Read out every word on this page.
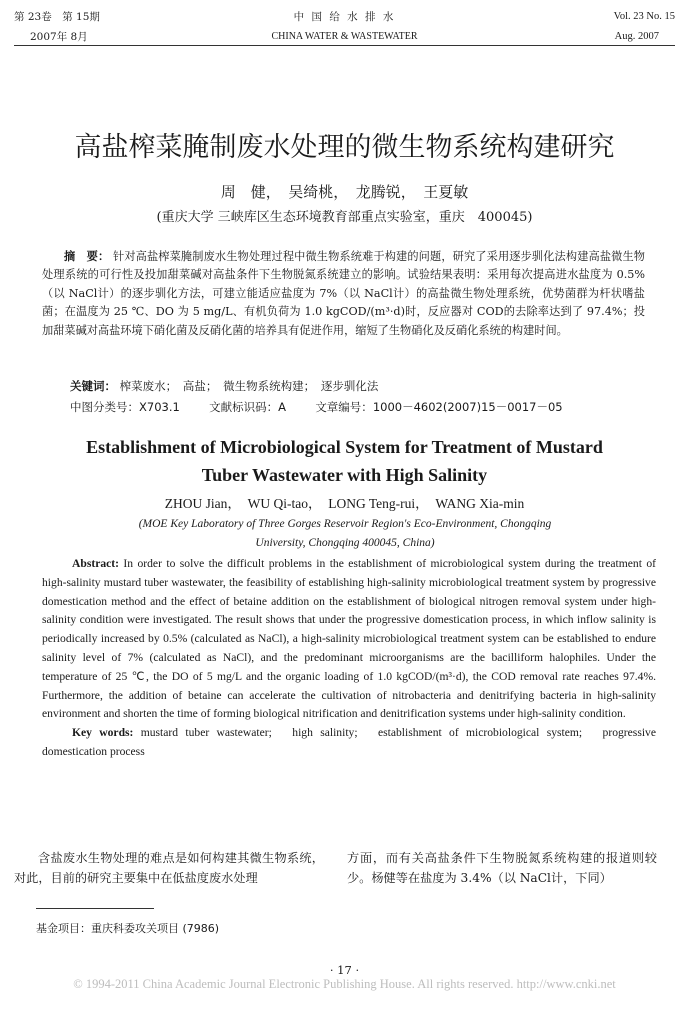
第 23卷　第 15期
2007年 8月
中 国 给 水 排 水
CHINA WATER & WASTEWATER
Vol. 23 No. 15
Aug. 2007
高盐榨菜腌制废水处理的微生物系统构建研究
周　健，　吴绮桃，　龙腾锐，　王夏敏
(重庆大学 三峡库区生态环境教育部重点实验室，重庆　400045)
摘　要： 针对高盐榨菜腌制废水生物处理过程中微生物系统难于构建的问题，研究了采用逐步驯化法构建高盐微生物处理系统的可行性及投加甜菜碱对高盐条件下生物脱氮系统建立的影响。试验结果表明：采用每次提高进水盐度为 0.5%（以 NaCl计）的逐步驯化方法，可建立能适应盐度为 7%（以 NaCl计）的高盐微生物处理系统，优势菌群为杆状嗜盐菌；在温度为 25 ℃、DO 为 5 mg/L、有机负荷为 1.0 kgCOD/(m³·d)时，反应器对 COD的去除率达到了 97.4%；投加甜菜碱对高盐环境下硝化菌及反硝化菌的培养具有促进作用，缩短了生物硝化及反硝化系统的构建时间。
关键词： 榨菜废水；　高盐；　微生物系统构建；　逐步驯化法
中图分类号：X703.1	文献标识码：A	文章编号：1000－4602(2007)15－0017－05
Establishment of Microbiological System for Treatment of Mustard
Tuber Wastewater with High Salinity
ZHOU Jian，　WU Qi-tao，　LONG Teng-rui，　WANG Xia-min
(MOE Key Laboratory of Three Gorges Reservoir Region's Eco-Environment, Chongqing
University, Chongqing 400045, China)
Abstract: In order to solve the difficult problems in the establishment of microbiological system during the treatment of high-salinity mustard tuber wastewater, the feasibility of establishing high-salinity microbiological treatment system by progressive domestication method and the effect of betaine addition on the establishment of biological nitrogen removal system under high-salinity condition were investigated. The result shows that under the progressive domestication process, in which inflow salinity is periodically increased by 0.5% (calculated as NaCl), a high-salinity microbiological treatment system can be established to endure salinity level of 7% (calculated as NaCl), and the predominant microorganisms are the bacilliform halophiles. Under the temperature of 25 ℃, the DO of 5 mg/L and the organic loading of 1.0 kgCOD/(m³·d), the COD removal rate reaches 97.4%. Furthermore, the addition of betaine can accelerate the cultivation of nitrobacteria and denitrifying bacteria in high-salinity environment and shorten the time of forming biological nitrification and denitrification systems under high-salinity condition.
Key words: mustard tuber wastewater;　high salinity;　establishment of microbiological system;　progressive domestication process
含盐废水生物处理的难点是如何构建其微生物系统，对此，目前的研究主要集中在低盐度废水处理
方面，而有关高盐条件下生物脱氮系统构建的报道则较少。杨健等在盐度为 3.4%（以 NaCl计，下同）
基金项目：重庆科委攻关项目 (7986)
· 17 ·
© 1994-2011 China Academic Journal Electronic Publishing House. All rights reserved. http://www.cnki.net
